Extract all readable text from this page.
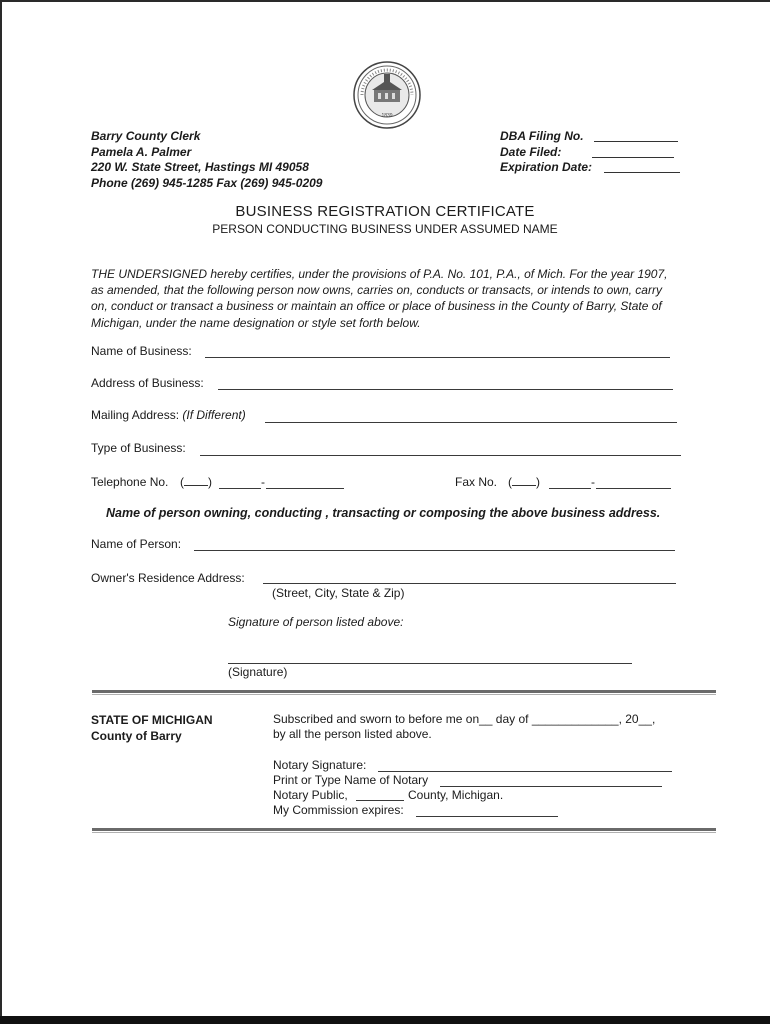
1839
Barry County Clerk
Pamela A. Palmer
220 W. State Street, Hastings MI 49058
Phone (269) 945-1285 Fax (269) 945-0209
DBA Filing No.
Date Filed:
Expiration Date:
BUSINESS REGISTRATION CERTIFICATE
PERSON CONDUCTING BUSINESS UNDER ASSUMED NAME
THE UNDERSIGNED hereby certifies, under the provisions of P.A. No. 101, P.A., of Mich. For the year 1907, as amended, that the following person now owns, carries on, conducts or transacts, or intends to own, carry on, conduct or transact a business or maintain an office or place of business in the County of Barry, State of Michigan, under the name designation or style set forth below.
Name of Business:
Address of Business:
Mailing Address: (If Different)
Type of Business:
Telephone No. ( )	-	Fax No. ( )	-
Name of person owning, conducting , transacting or composing the above business address.
Name of Person:
Owner's Residence Address:
(Street, City, State & Zip)
Signature of person listed above:
(Signature)
STATE OF MICHIGAN
County of Barry
Subscribed and sworn to before me on__ day of _____________, 20__,
by all the person listed above.
Notary Signature:
Print or Type Name of Notary
Notary Public,	County, Michigan.
My Commission expires:
